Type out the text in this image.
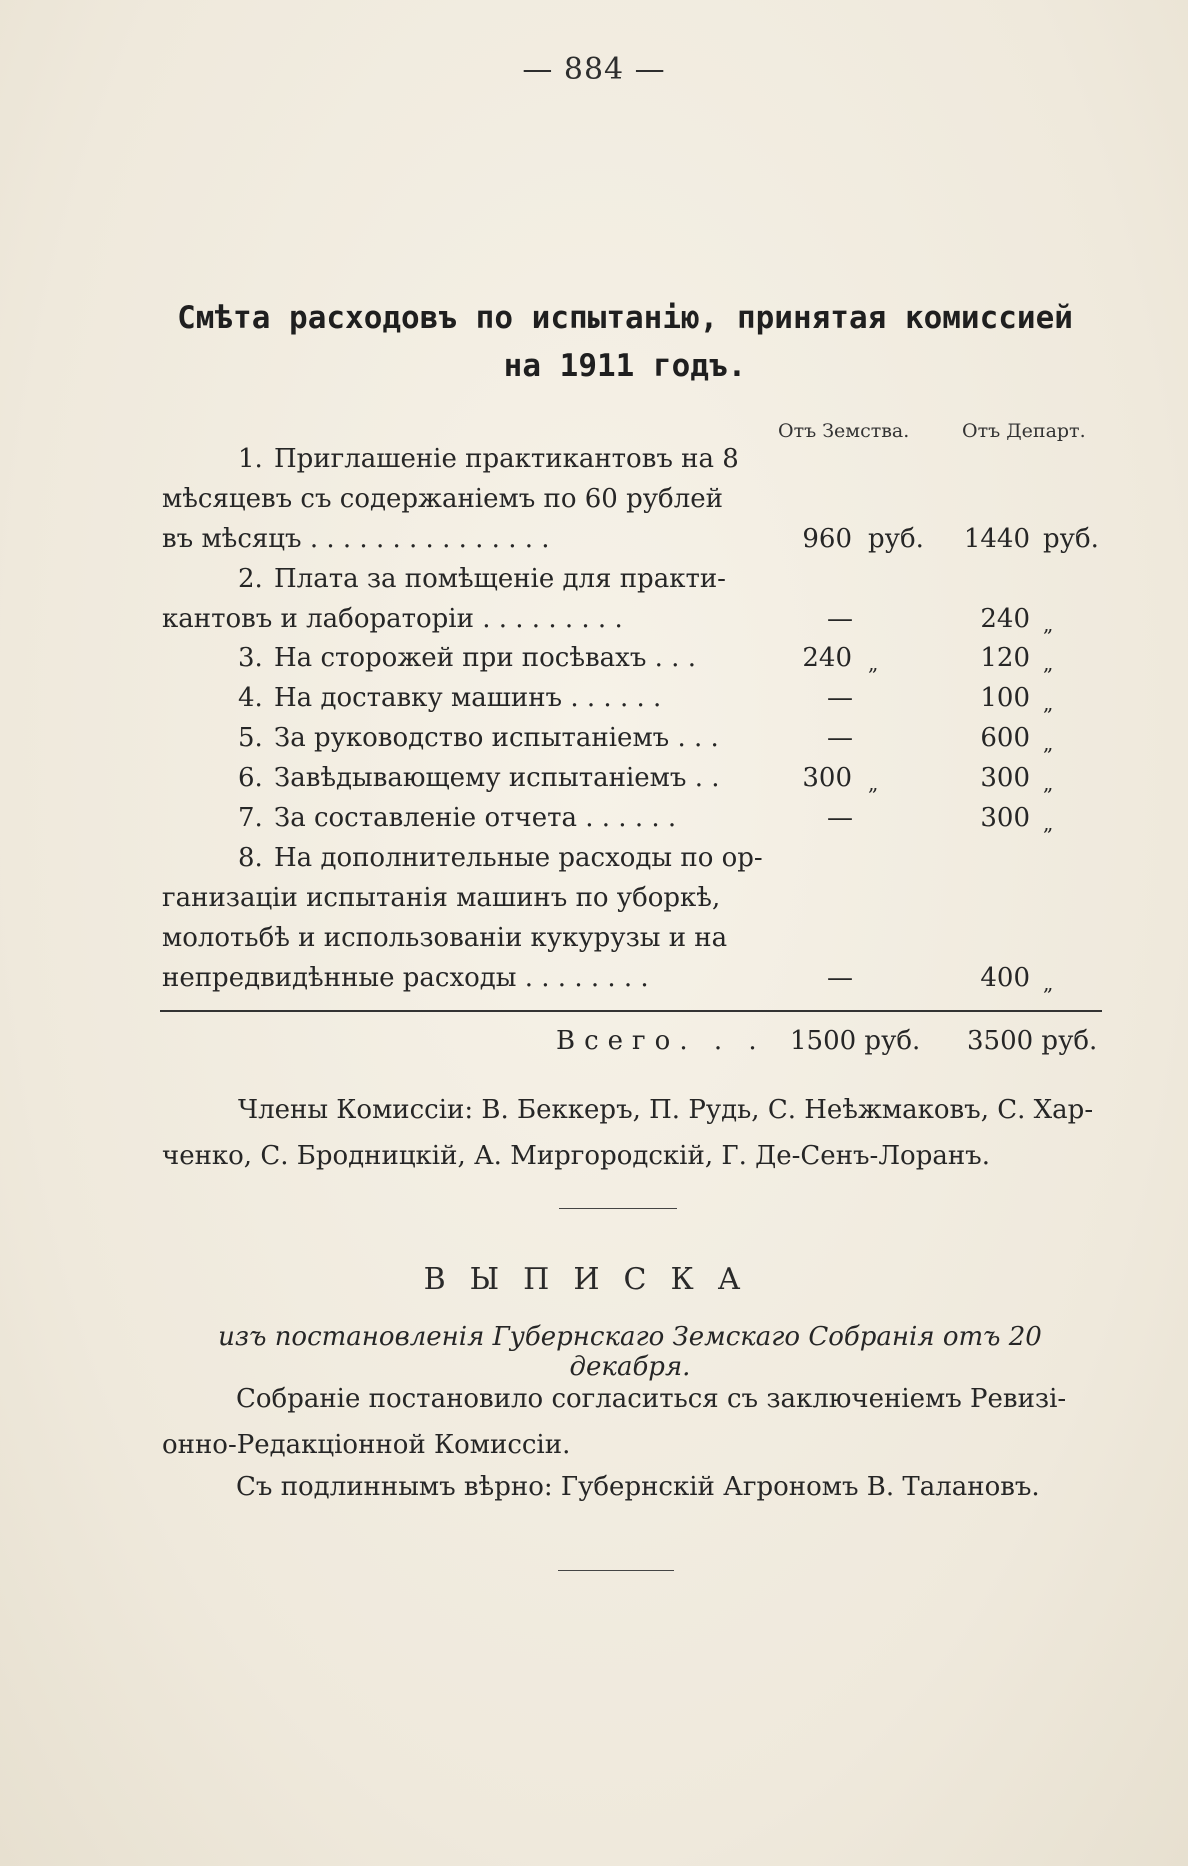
— 884 —
Смѣта расходовъ по испытанію, принятая комиссией
на 1911 годъ.
Отъ Земства.	Отъ Департ.
1. Приглашеніе практикантовъ на 8
мѣсяцевъ съ содержаніемъ по 60 рублей
въ мѣсяцъ . . . . . . . . . . . . . . .	960 руб.	1440 руб.
2. Плата за помѣщеніе для практи-
кантовъ и лабораторіи . . . . . . . . .	—	240 „
3. На сторожей при посѣвахъ . . .	240 „	120 „
4. На доставку машинъ . . . . . .	—	100 „
5. За руководство испытаніемъ . . .	—	600 „
6. Завѣдывающему испытаніемъ . .	300 „	300 „
7. За составленіе отчета . . . . . .	—	300 „
8. На дополнительные расходы по ор-
ганизаціи испытанія машинъ по уборкѣ,
молотьбѣ и использованіи кукурузы и на
непредвидѣнные расходы . . . . . . . .	—	400 „
Всего. . . 1500 руб. 3500 руб.
Члены Комиссіи: В. Беккеръ, П. Рудь, С. Неѣжмаковъ, С. Хар-
ченко, С. Бродницкій, А. Миргородскій, Г. Де-Сенъ-Лоранъ.
ВЫПИСКА
изъ постановленія Губернскаго Земскаго Собранія отъ 20 декабря.
Собраніе постановило согласиться съ заключеніемъ Ревизі-
онно-Редакціонной Комиссіи.
Съ подлиннымъ вѣрно: Губернскій Агрономъ В. Талановъ.
